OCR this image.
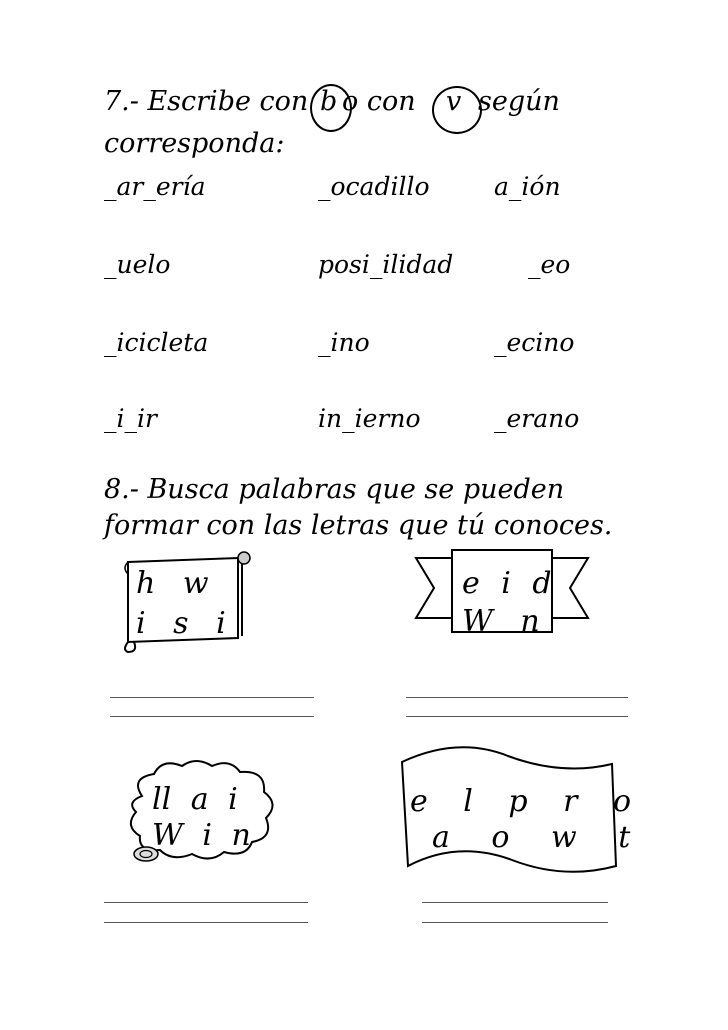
7.- Escribe con b o con v según
corresponda:
_ar_ería	_ocadillo	a_ión
_uelo	posi_ilidad	_eo
_icicleta	_ino	_ecino
_i_ir	in_ierno	_erano
8.- Busca palabras que se pueden
formar con las letras que tú conoces.
h w
i s i
e i d
W n
ll a i
W i n
e l p r o
a o w t
